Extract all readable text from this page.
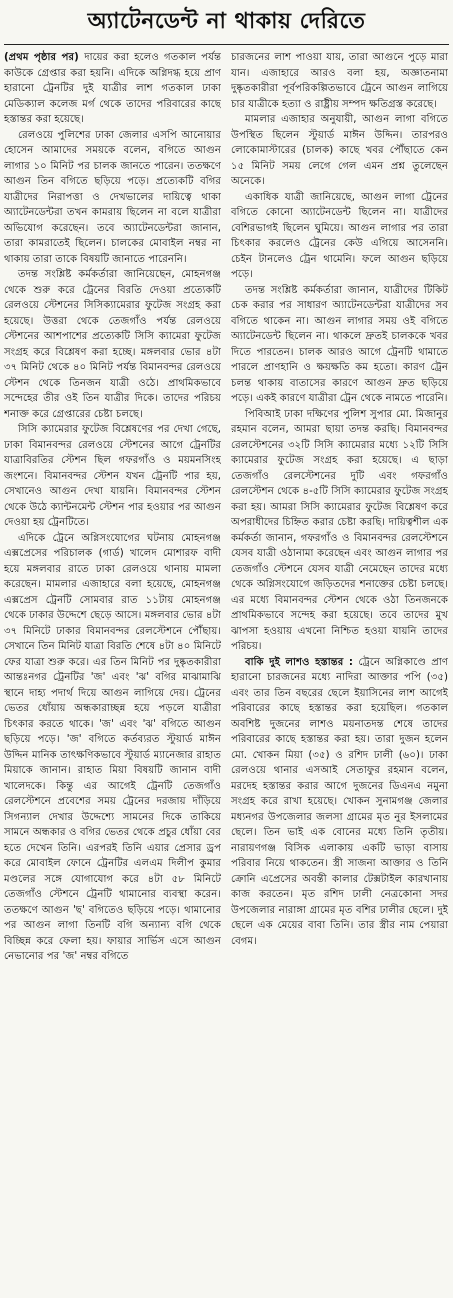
অ্যাটেনডেন্ট না থাকায় দেরিতে

(প্রথম পৃষ্ঠার পর) দায়ের করা হলেও গতকাল পর্যন্ত কাউকে গ্রেপ্তার করা হয়নি। এদিকে অগ্নিদগ্ধ হয়ে প্রাণ হারানো ট্রেনটির দুই যাত্রীর লাশ গতকাল ঢাকা মেডিক্যাল কলেজ মর্গ থেকে তাদের পরিবারের কাছে হস্তান্তর করা হয়েছে।

রেলওয়ে পুলিশের ঢাকা জেলার এসপি আনোয়ার হোসেন আমাদের সময়কে বলেন, বগিতে আগুন লাগার ১০ মিনিট পর চালক জানতে পারেন। ততক্ষণে আগুন তিন বগিতে ছড়িয়ে পড়ে। প্রত্যেকটি বগির যাত্রীদের নিরাপত্তা ও দেখভালের দায়িত্বে থাকা অ্যাটেনডেন্টরা তখন কামরায় ছিলেন না বলে যাত্রীরা অভিযোগ করেছেন। তবে অ্যাটেনডেন্টরা জানান, তারা কামরাতেই ছিলেন। চালকের মোবাইল নম্বর না থাকায় তারা তাকে বিষয়টি জানাতে পারেননি।

তদন্ত সংশ্লিষ্ট কর্মকর্তারা জানিয়েছেন, মোহনগঞ্জ থেকে শুরু করে ট্রেনের বিরতি দেওয়া প্রত্যেকটি রেলওয়ে স্টেশনের সিসিক্যামেরার ফুটেজ সংগ্রহ করা হয়েছে। উত্তরা থেকে তেজগাঁও পর্যন্ত রেলওয়ে স্টেশনের আশপাশের প্রত্যেকটি সিসি ক্যামেরা ফুটেজ সংগ্রহ করে বিশ্লেষণ করা হচ্ছে। মঙ্গলবার ভোর ৪টা ৩৭ মিনিট থেকে ৪০ মিনিট পর্যন্ত বিমানবন্দর রেলওয়ে স্টেশন থেকে তিনজন যাত্রী ওঠে। প্রাথমিকভাবে সন্দেহের তীর ওই তিন যাত্রীর দিকে। তাদের পরিচয় শনাক্ত করে গ্রেপ্তারের চেষ্টা চলছে।

সিসি ক্যামেরার ফুটেজ বিশ্লেষণের পর দেখা গেছে, ঢাকা বিমানবন্দর রেলওয়ে স্টেশনের আগে ট্রেনটির যাত্রাবিরতির স্টেশন ছিল গফরগাঁও ও ময়মনসিংহ জংশনে। বিমানবন্দর স্টেশন যখন ট্রেনটি পার হয়, সেখানেও আগুন দেখা যায়নি। বিমানবন্দর স্টেশন থেকে উঠে ক্যান্টনমেন্ট স্টেশন পার হওয়ার পর আগুন দেওয়া হয় ট্রেনটিতে।

এদিকে ট্রেনে অগ্নিসংযোগের ঘটনায় মোহনগঞ্জ এক্সপ্রেসের পরিচালক (গার্ড) খালেদ মোশারফ বাদী হয়ে মঙ্গলবার রাতে ঢাকা রেলওয়ে থানায় মামলা করেছেন। মামলার এজাহারে বলা হয়েছে, মোহনগঞ্জ এক্সপ্রেস ট্রেনটি সোমবার রাত ১১টায় মোহনগঞ্জ থেকে ঢাকার উদ্দেশে ছেড়ে আসে। মঙ্গলবার ভোর ৪টা ৩৭ মিনিটে ঢাকার বিমানবন্দর রেলস্টেশনে পৌঁছায়। সেখানে তিন মিনিট যাত্রা বিরতি শেষে ৪টা ৪০ মিনিটে ফের যাত্রা শুরু করে। এর তিন মিনিট পর দুষ্কৃতকারীরা আন্তঃনগর ট্রেনটির 'জ' এবং 'ঝ' বগির মাঝামাঝি স্থানে দাহ্য পদার্থ দিয়ে আগুন লাগিয়ে দেয়। ট্রেনের ভেতর ধোঁয়ায় অন্ধকারাচ্ছন্ন হয়ে পড়লে যাত্রীরা চিৎকার করতে থাকে। 'জ' এবং 'ঝ' বগিতে আগুন ছড়িয়ে পড়ে। 'জ' বগিতে কর্তব্যরত স্টুয়ার্ড মাঈন উদ্দিন মানিক তাৎক্ষণিকভাবে স্টুয়ার্ড ম্যানেজার রাহাত মিয়াকে জানান। রাহাত মিয়া বিষয়টি জানান বাদী খালেদকে। কিন্তু এর আগেই ট্রেনটি তেজগাঁও রেলস্টেশনে প্রবেশের সময় ট্রেনের দরজায় দাঁড়িয়ে সিগন্যাল দেখার উদ্দেশ্যে সামনের দিকে তাকিয়ে সামনে অন্ধকার ও বগির ভেতর থেকে প্রচুর ধোঁয়া বের হতে দেখেন তিনি। এরপরই তিনি এয়ার প্রেসার ড্রপ করে মোবাইল ফোনে ট্রেনটির এলএম দিলীপ কুমার মণ্ডলের সঙ্গে যোগাযোগ করে ৪টা ৫৮ মিনিটে তেজগাঁও স্টেশনে ট্রেনটি থামানোর ব্যবস্থা করেন। ততক্ষণে আগুন 'ছ' বগিতেও ছড়িয়ে পড়ে। থামানোর পর আগুন লাগা তিনটি বগি অন্যান্য বগি থেকে বিচ্ছিন্ন করে ফেলা হয়। ফায়ার সার্ভিস এসে আগুন নেভানোর পর 'জ' নম্বর বগিতে

চারজনের লাশ পাওয়া যায়, তারা আগুনে পুড়ে মারা যান। এজাহারে আরও বলা হয়, অজ্ঞাতনামা দুষ্কৃতকারীরা পূর্বপরিকল্পিতভাবে ট্রেনে আগুন লাগিয়ে চার যাত্রীকে হত্যা ও রাষ্ট্রীয় সম্পদ ক্ষতিগ্রস্ত করেছে।

মামলার এজাহার অনুযায়ী, আগুন লাগা বগিতে উপস্থিত ছিলেন স্টুয়ার্ড মাঈন উদ্দিন। তারপরও লোকোমাস্টারের (চালক) কাছে খবর পৌঁছাতে কেন ১৫ মিনিট সময় লেগে গেল এমন প্রশ্ন তুলেছেন অনেকে।

একাধিক যাত্রী জানিয়েছে, আগুন লাগা ট্রেনের বগিতে কোনো অ্যাটেনডেন্ট ছিলেন না। যাত্রীদের বেশিরভাগই ছিলেন ঘুমিয়ে। আগুন লাগার পর তারা চিৎকার করলেও ট্রেনের কেউ এগিয়ে আসেননি। চেইন টানলেও ট্রেন থামেনি। ফলে আগুন ছড়িয়ে পড়ে।

তদন্ত সংশ্লিষ্ট কর্মকর্তারা জানান, যাত্রীদের টিকিট চেক করার পর সাধারণ অ্যাটেনডেন্টরা যাত্রীদের সব বগিতে থাকেন না। আগুন লাগার সময় ওই বগিতে অ্যাটেনডেন্ট ছিলেন না। থাকলে দ্রুতই চালককে খবর দিতে পারতেন। চালক আরও আগে ট্রেনটি থামাতে পারলে প্রাণহানি ও ক্ষয়ক্ষতি কম হতো। কারণ ট্রেন চলন্ত থাকায় বাতাসের কারণে আগুন দ্রুত ছড়িয়ে পড়ে। একই কারণে যাত্রীরা ট্রেন থেকে নামতে পারেনি।

পিবিআই ঢাকা দক্ষিণের পুলিশ সুপার মো. মিজানুর রহমান বলেন, আমরা ছায়া তদন্ত করছি। বিমানবন্দর রেলস্টেশনের ৩২টি সিসি ক্যামেরার মধ্যে ১২টি সিসি ক্যামেরার ফুটেজ সংগ্রহ করা হয়েছে। এ ছাড়া তেজগাঁও রেলস্টেশনের দুটি এবং গফরগাঁও রেলস্টেশন থেকে ৪-৫টি সিসি ক্যামেরার ফুটেজ সংগ্রহ করা হয়। আমরা সিসি ক্যামেরার ফুটেজ বিশ্লেষণ করে অপরাধীদের চিহ্নিত করার চেষ্টা করছি। দায়িত্বশীল এক কর্মকর্তা জানান, গফরগাঁও ও বিমানবন্দর রেলস্টেশনে যেসব যাত্রী ওঠানামা করেছেন এবং আগুন লাগার পর তেজগাঁও স্টেশনে যেসব যাত্রী নেমেছেন তাদের মধ্যে থেকে অগ্নিসংযোগে জড়িতদের শনাক্তের চেষ্টা চলছে। এর মধ্যে বিমানবন্দর স্টেশন থেকে ওঠা তিনজনকে প্রাথমিকভাবে সন্দেহ করা হয়েছে। তবে তাদের মুখ ঝাপসা হওয়ায় এখনো নিশ্চিত হওয়া যায়নি তাদের পরিচয়।

বাকি দুই লাশও হস্তান্তর : ট্রেনে অগ্নিকাণ্ডে প্রাণ হারানো চারজনের মধ্যে নাদিরা আক্তার পপি (৩৫) এবং তার তিন বছরের ছেলে ইয়াসিনের লাশ আগেই পরিবারের কাছে হস্তান্তর করা হয়েছিল। গতকাল অবশিষ্ট দুজনের লাশও ময়নাতদন্ত শেষে তাদের পরিবারের কাছে হস্তান্তর করা হয়। তারা দুজন হলেন মো. খোকন মিয়া (৩৫) ও রশিদ ঢালী (৬০)। ঢাকা রেলওয়ে থানার এসআই সেতাফুর রহমান বলেন, মরদেহ হস্তান্তর করার আগে দুজনের ডিএনএ নমুনা সংগ্রহ করে রাখা হয়েছে। খোকন সুনামগঞ্জ জেলার মধ্যনগর উপজেলার জলসা গ্রামের মৃত নুর ইসলামের ছেলে। তিন ভাই এক বোনের মধ্যে তিনি তৃতীয়। নারায়ণগঞ্জ বিসিক এলাকায় একটি ভাড়া বাসায় পরিবার নিয়ে থাকতেন। স্ত্রী সাজনা আক্তার ও তিনি ক্রোনি এপ্রেসের অবন্তী কালার টেক্সটাইল কারখানায় কাজ করতেন। মৃত রশিদ ঢালী নেত্রকোনা সদর উপজেলার নারাঙ্গা গ্রামের মৃত বশির ঢালীর ছেলে। দুই ছেলে এক মেয়ের বাবা তিনি। তার স্ত্রীর নাম পেয়ারা বেগম।
